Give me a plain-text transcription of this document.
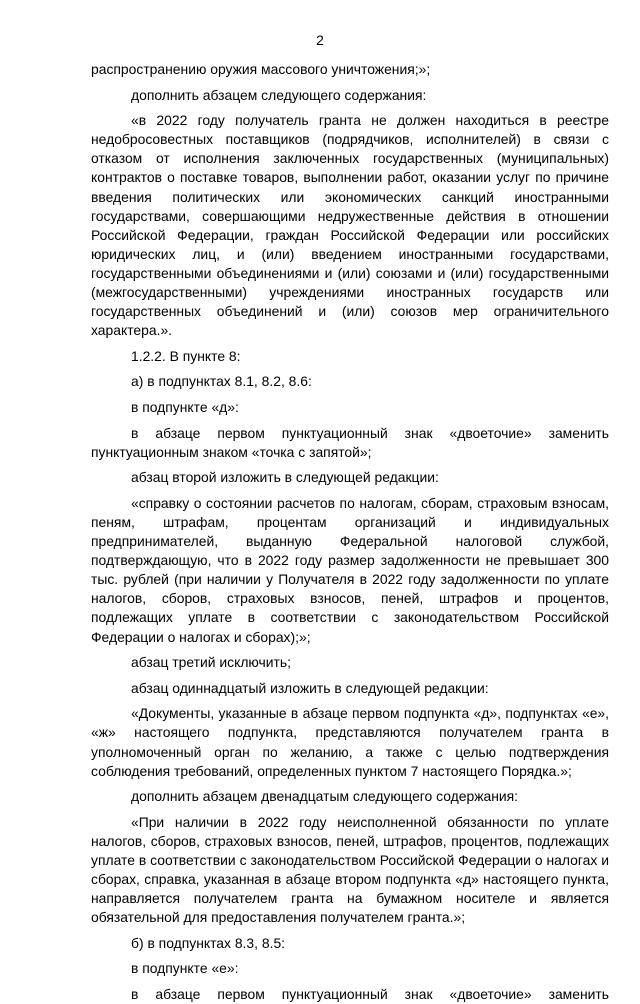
2

распространению оружия массового уничтожения;»;

дополнить абзацем следующего содержания:

«в 2022 году получатель гранта не должен находиться в реестре недобросовестных поставщиков (подрядчиков, исполнителей) в связи с отказом от исполнения заключенных государственных (муниципальных) контрактов о поставке товаров, выполнении работ, оказании услуг по причине введения политических или экономических санкций иностранными государствами, совершающими недружественные действия в отношении Российской Федерации, граждан Российской Федерации или российских юридических лиц, и (или) введением иностранными государствами, государственными объединениями и (или) союзами и (или) государственными (межгосударственными) учреждениями иностранных государств или государственных объединений и (или) союзов мер ограничительного характера.».

1.2.2. В пункте 8:

а) в подпунктах 8.1, 8.2, 8.6:

в подпункте «д»:

в абзаце первом пунктуационный знак «двоеточие» заменить пунктуационным знаком «точка с запятой»;

абзац второй изложить в следующей редакции:

«справку о состоянии расчетов по налогам, сборам, страховым взносам, пеням, штрафам, процентам организаций и индивидуальных предпринимателей, выданную Федеральной налоговой службой, подтверждающую, что в 2022 году размер задолженности не превышает 300 тыс. рублей (при наличии у Получателя в 2022 году задолженности по уплате налогов, сборов, страховых взносов, пеней, штрафов и процентов, подлежащих уплате в соответствии с законодательством Российской Федерации о налогах и сборах);»;

абзац третий исключить;

абзац одиннадцатый изложить в следующей редакции:

«Документы, указанные в абзаце первом подпункта «д», подпунктах «е», «ж» настоящего подпункта, представляются получателем гранта в уполномоченный орган по желанию, а также с целью подтверждения соблюдения требований, определенных пунктом 7 настоящего Порядка.»;

дополнить абзацем двенадцатым следующего содержания:

«При наличии в 2022 году неисполненной обязанности по уплате налогов, сборов, страховых взносов, пеней, штрафов, процентов, подлежащих уплате в соответствии с законодательством Российской Федерации о налогах и сборах, справка, указанная в абзаце втором подпункта «д» настоящего пункта, направляется получателем гранта на бумажном носителе и является обязательной для предоставления получателем гранта.»;

б) в подпунктах 8.3, 8.5:

в подпункте «е»:

в абзаце первом пунктуационный знак «двоеточие» заменить
